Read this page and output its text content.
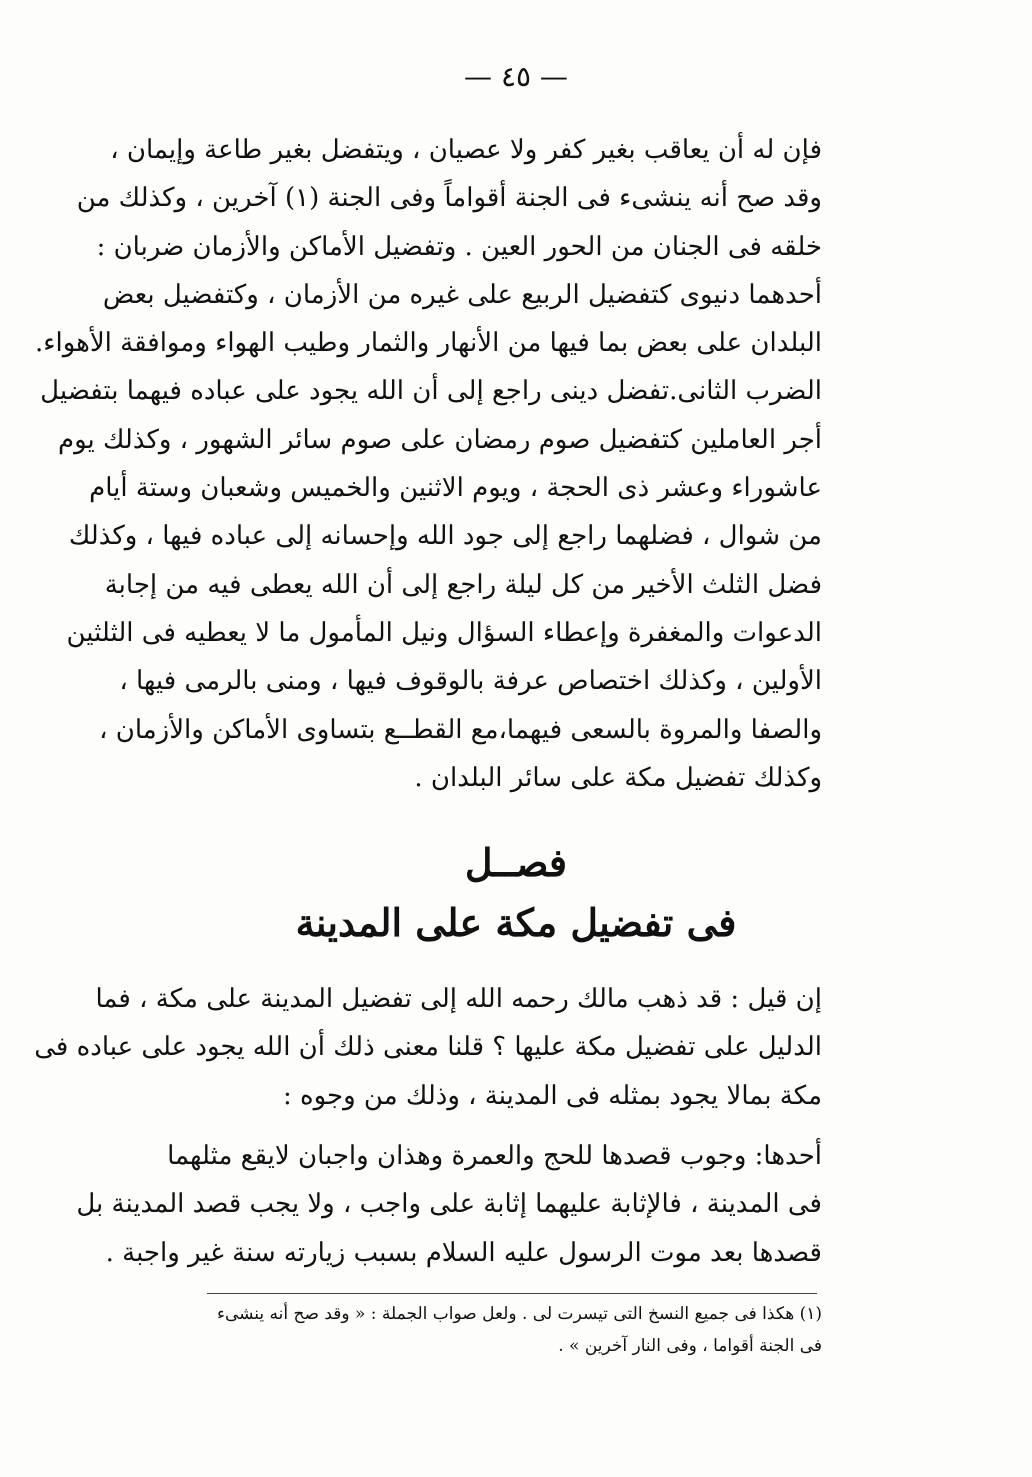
— ٤٥ —
فإن له أن يعاقب بغير كفر ولا عصيان ، ويتفضل بغير طاعة وإيمان ،
وقد صح أنه ينشىء فى الجنة أقواماً وفى الجنة (١) آخرين ، وكذلك من
خلقه فى الجنان من الحور العين . وتفضيل الأماكن والأزمان ضربان :
أحدهما دنيوى كتفضيل الربيع على غيره من الأزمان ، وكتفضيل بعض
البلدان على بعض بما فيها من الأنهار والثمار وطيب الهواء وموافقة الأهواء.
الضرب الثانى.تفضل دينى راجع إلى أن الله يجود على عباده فيهما بتفضيل
أجر العاملين كتفضيل صوم رمضان على صوم سائر الشهور ، وكذلك يوم
عاشوراء وعشر ذى الحجة ، ويوم الاثنين والخميس وشعبان وستة أيام
من شوال ، فضلهما راجع إلى جود الله وإحسانه إلى عباده فيها ، وكذلك
فضل الثلث الأخير من كل ليلة راجع إلى أن الله يعطى فيه من إجابة
الدعوات والمغفرة وإعطاء السؤال ونيل المأمول ما لا يعطيه فى الثلثين
الأولين ، وكذلك اختصاص عرفة بالوقوف فيها ، ومنى بالرمى فيها ،
والصفا والمروة بالسعى فيهما،مع القطــع بتساوى الأماكن والأزمان ،
وكذلك تفضيل مكة على سائر البلدان .
فصــل
فى تفضيل مكة على المدينة
إن قيل : قد ذهب مالك رحمه الله إلى تفضيل المدينة على مكة ، فما
الدليل على تفضيل مكة عليها ؟ قلنا معنى ذلك أن الله يجود على عباده فى
مكة بمالا يجود بمثله فى المدينة ، وذلك من وجوه :
أحدها: وجوب قصدها للحج والعمرة وهذان واجبان لايقع مثلهما
فى المدينة ، فالإثابة عليهما إثابة على واجب ، ولا يجب قصد المدينة بل
قصدها بعد موت الرسول عليه السلام بسبب زيارته سنة غير واجبة .
(١) هكذا فى جميع النسخ التى تيسرت لى . ولعل صواب الجملة : « وقد صح أنه ينشىء
فى الجنة أقواما ، وفى النار آخرين » .
